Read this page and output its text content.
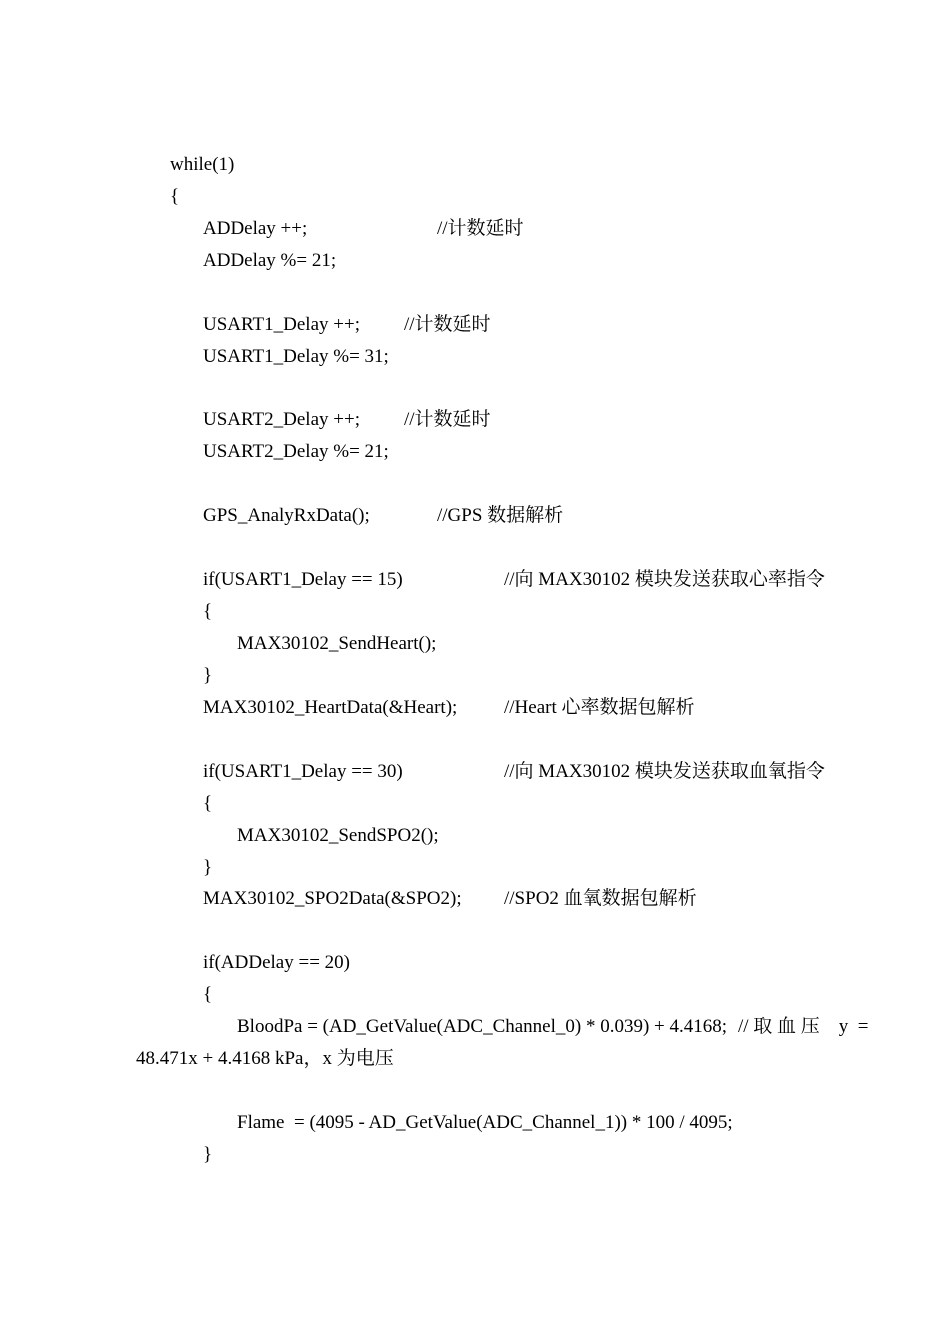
while(1)
{
ADDelay ++;	//计数延时
ADDelay %= 21;
USART1_Delay ++; //计数延时
USART1_Delay %= 31;
USART2_Delay ++; //计数延时
USART2_Delay %= 21;
GPS_AnalyRxData();	//GPS 数据解析
if(USART1_Delay == 15)	//向 MAX30102 模块发送获取心率指令
{
MAX30102_SendHeart();
}
MAX30102_HeartData(&Heart); //Heart 心率数据包解析
if(USART1_Delay == 30)	//向 MAX30102 模块发送获取血氧指令
{
MAX30102_SendSPO2();
}
MAX30102_SPO2Data(&SPO2); //SPO2 血氧数据包解析
if(ADDelay == 20)
{
BloodPa = (AD_GetValue(ADC_Channel_0) * 0.039) + 4.4168; // 取 血 压    y  =
48.471x + 4.4168 kPa，x 为电压
Flame  = (4095 - AD_GetValue(ADC_Channel_1)) * 100 / 4095;
}
